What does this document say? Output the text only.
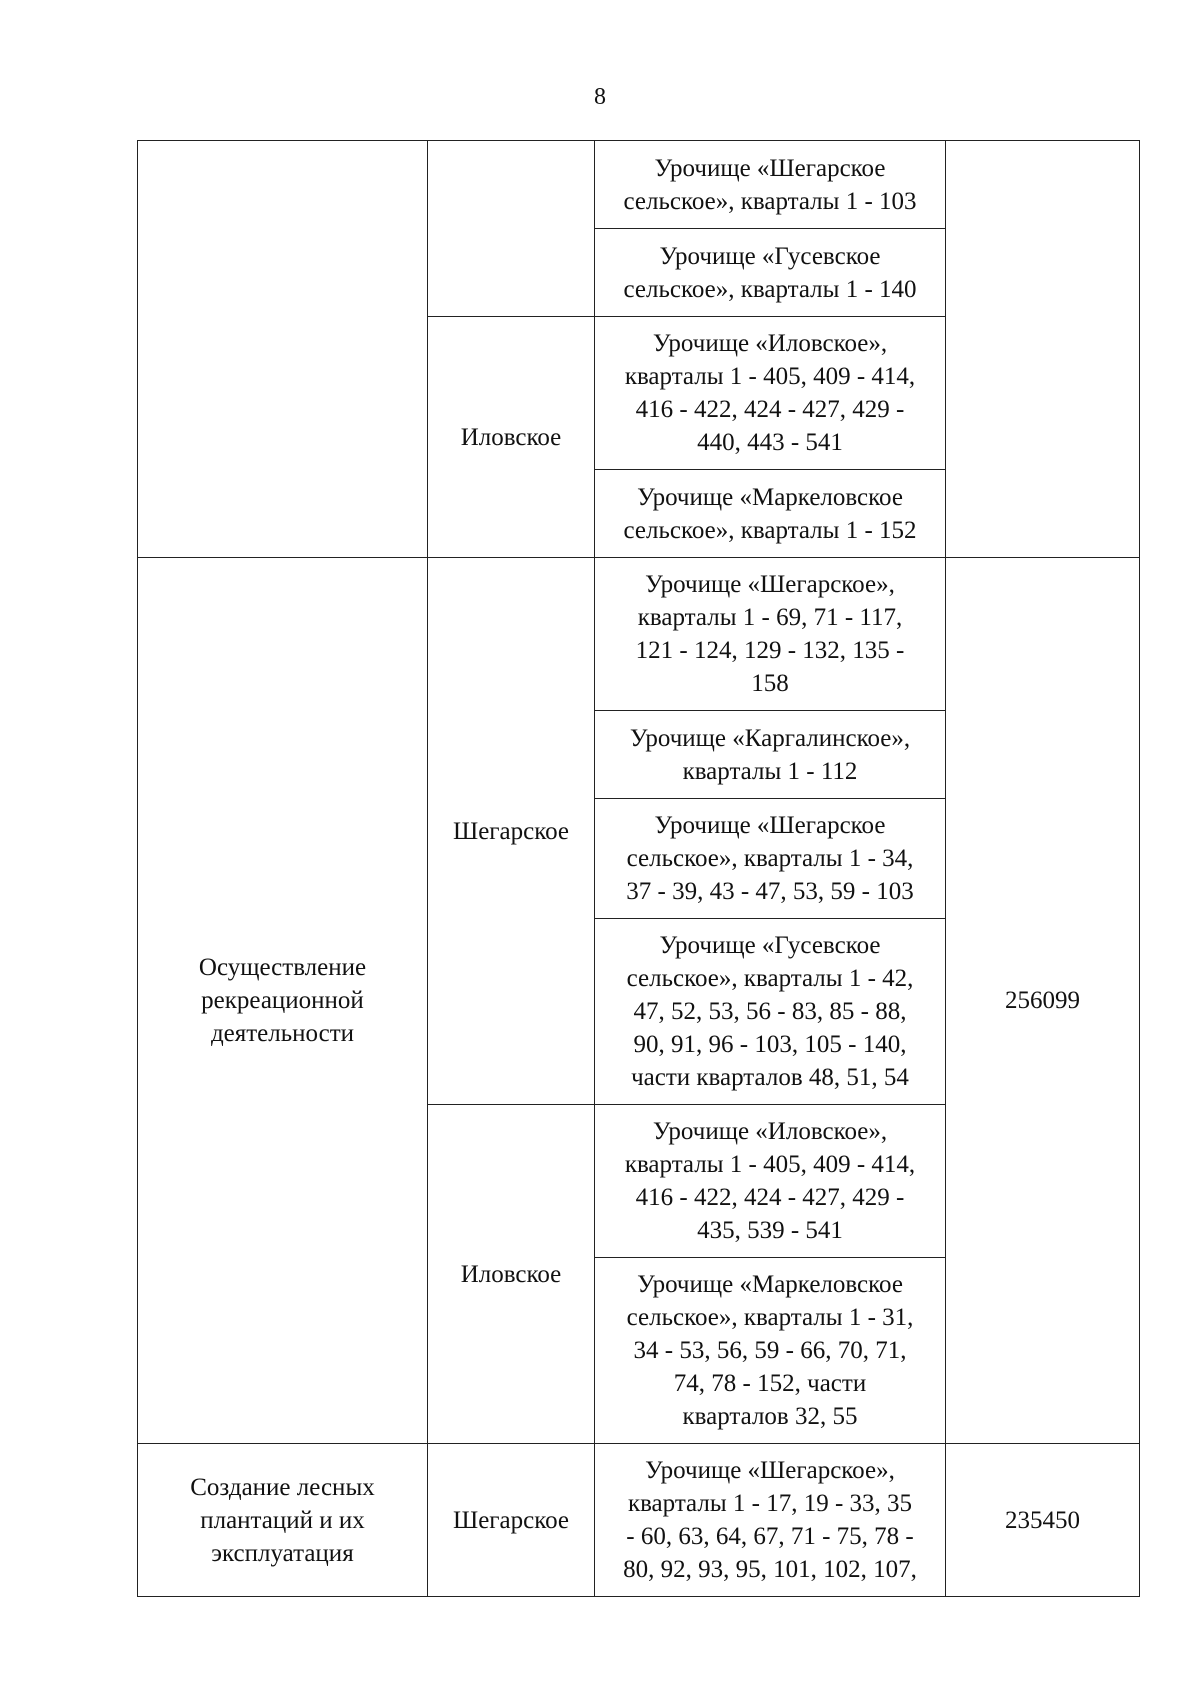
8
		Урочище «Шегарское
сельское», кварталы 1 - 103	
		Урочище «Гусевское
сельское», кварталы 1 - 140	
	Иловское	Урочище «Иловское»,
кварталы 1 - 405, 409 - 414,
416 - 422, 424 - 427, 429 -
440, 443 - 541	
		Урочище «Маркеловское
сельское», кварталы 1 - 152	
Осуществление
рекреационной
деятельности	Шегарское	Урочище «Шегарское»,
кварталы 1 - 69, 71 - 117,
121 - 124, 129 - 132, 135 -
158	256099
		Урочище «Каргалинское»,
кварталы 1 - 112	
		Урочище «Шегарское
сельское», кварталы 1 - 34,
37 - 39, 43 - 47, 53, 59 - 103	
		Урочище «Гусевское
сельское», кварталы 1 - 42,
47, 52, 53, 56 - 83, 85 - 88,
90, 91, 96 - 103, 105 - 140,
части кварталов 48, 51, 54	
	Иловское	Урочище «Иловское»,
кварталы 1 - 405, 409 - 414,
416 - 422, 424 - 427, 429 -
435, 539 - 541	
		Урочище «Маркеловское
сельское», кварталы 1 - 31,
34 - 53, 56, 59 - 66, 70, 71,
74, 78 - 152, части
кварталов 32, 55	
Создание лесных
плантаций и их
эксплуатация	Шегарское	Урочище «Шегарское»,
кварталы 1 - 17, 19 - 33, 35
- 60, 63, 64, 67, 71 - 75, 78 -
80, 92, 93, 95, 101, 102, 107,	235450
